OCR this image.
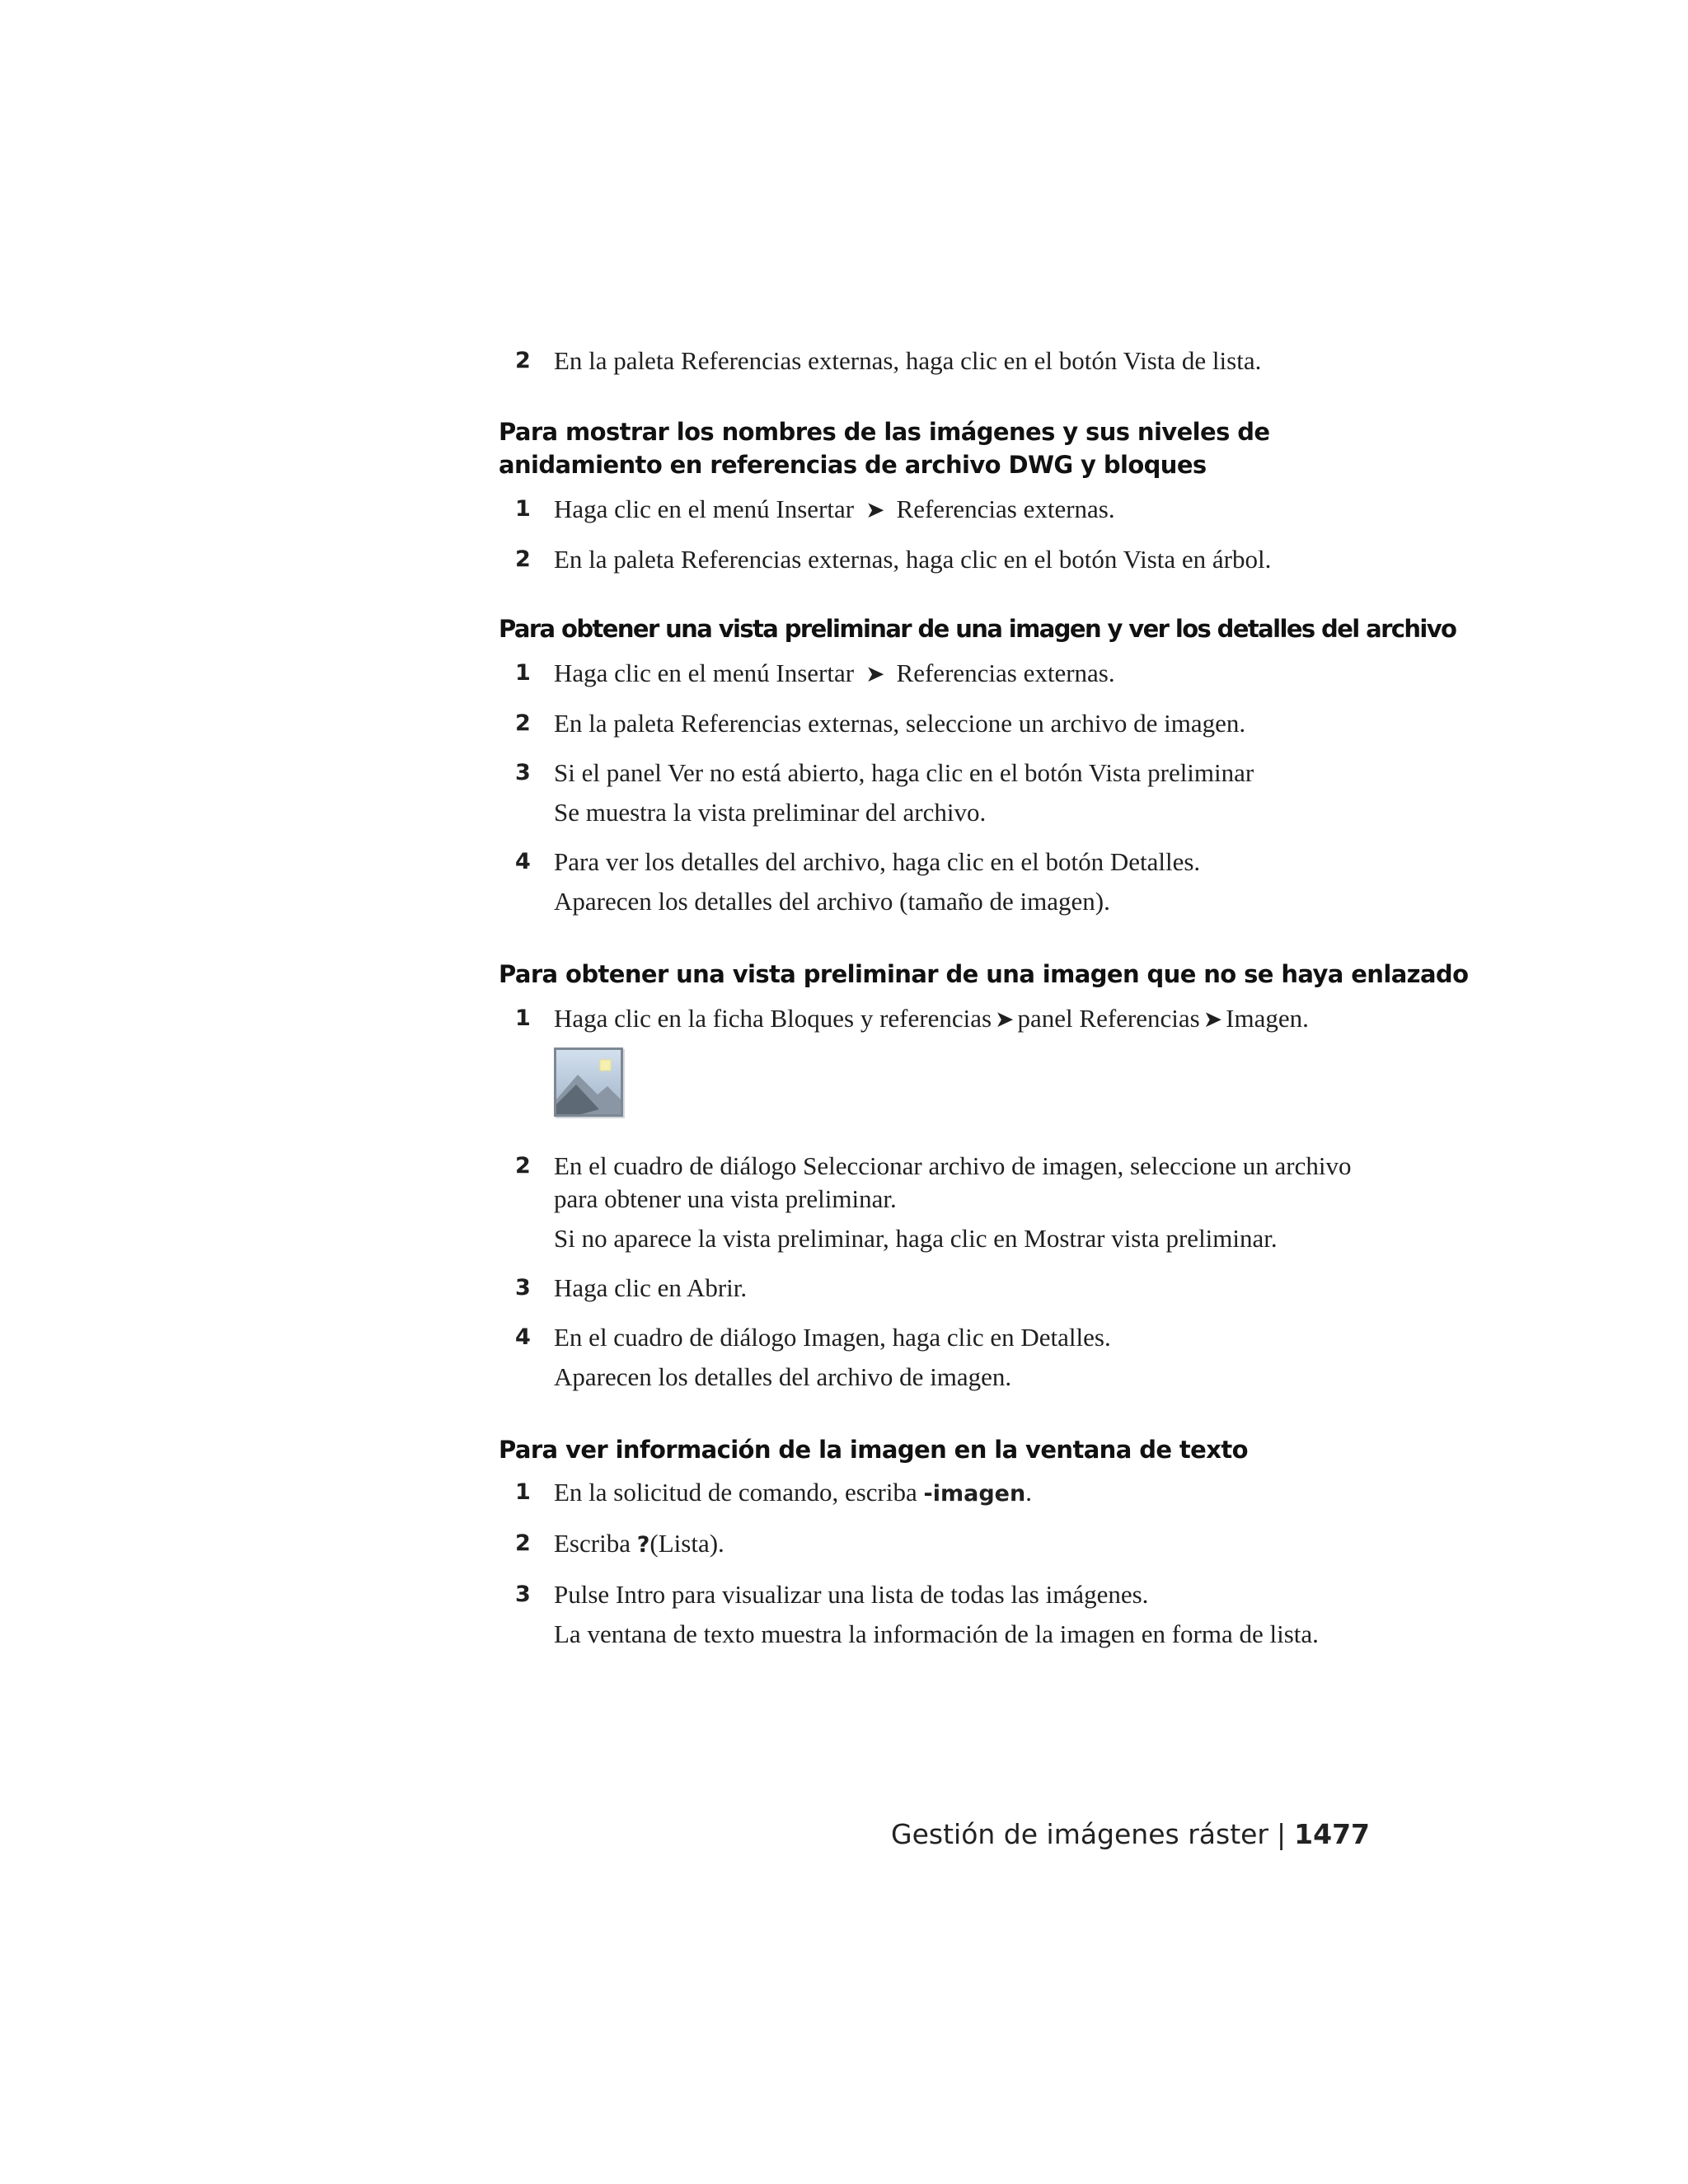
2 En la paleta Referencias externas, haga clic en el botón Vista de lista.
Para mostrar los nombres de las imágenes y sus niveles de anidamiento en referencias de archivo DWG y bloques
1 Haga clic en el menú Insertar ➤ Referencias externas.
2 En la paleta Referencias externas, haga clic en el botón Vista en árbol.
Para obtener una vista preliminar de una imagen y ver los detalles del archivo
1 Haga clic en el menú Insertar ➤ Referencias externas.
2 En la paleta Referencias externas, seleccione un archivo de imagen.
3 Si el panel Ver no está abierto, haga clic en el botón Vista preliminar
Se muestra la vista preliminar del archivo.
4 Para ver los detalles del archivo, haga clic en el botón Detalles.
Aparecen los detalles del archivo (tamaño de imagen).
Para obtener una vista preliminar de una imagen que no se haya enlazado
1 Haga clic en la ficha Bloques y referencias ➤ panel Referencias ➤ Imagen.
2 En el cuadro de diálogo Seleccionar archivo de imagen, seleccione un archivo para obtener una vista preliminar.
Si no aparece la vista preliminar, haga clic en Mostrar vista preliminar.
3 Haga clic en Abrir.
4 En el cuadro de diálogo Imagen, haga clic en Detalles.
Aparecen los detalles del archivo de imagen.
Para ver información de la imagen en la ventana de texto
1 En la solicitud de comando, escriba -imagen.
2 Escriba ?(Lista).
3 Pulse Intro para visualizar una lista de todas las imágenes.
La ventana de texto muestra la información de la imagen en forma de lista.
Gestión de imágenes ráster | 1477
